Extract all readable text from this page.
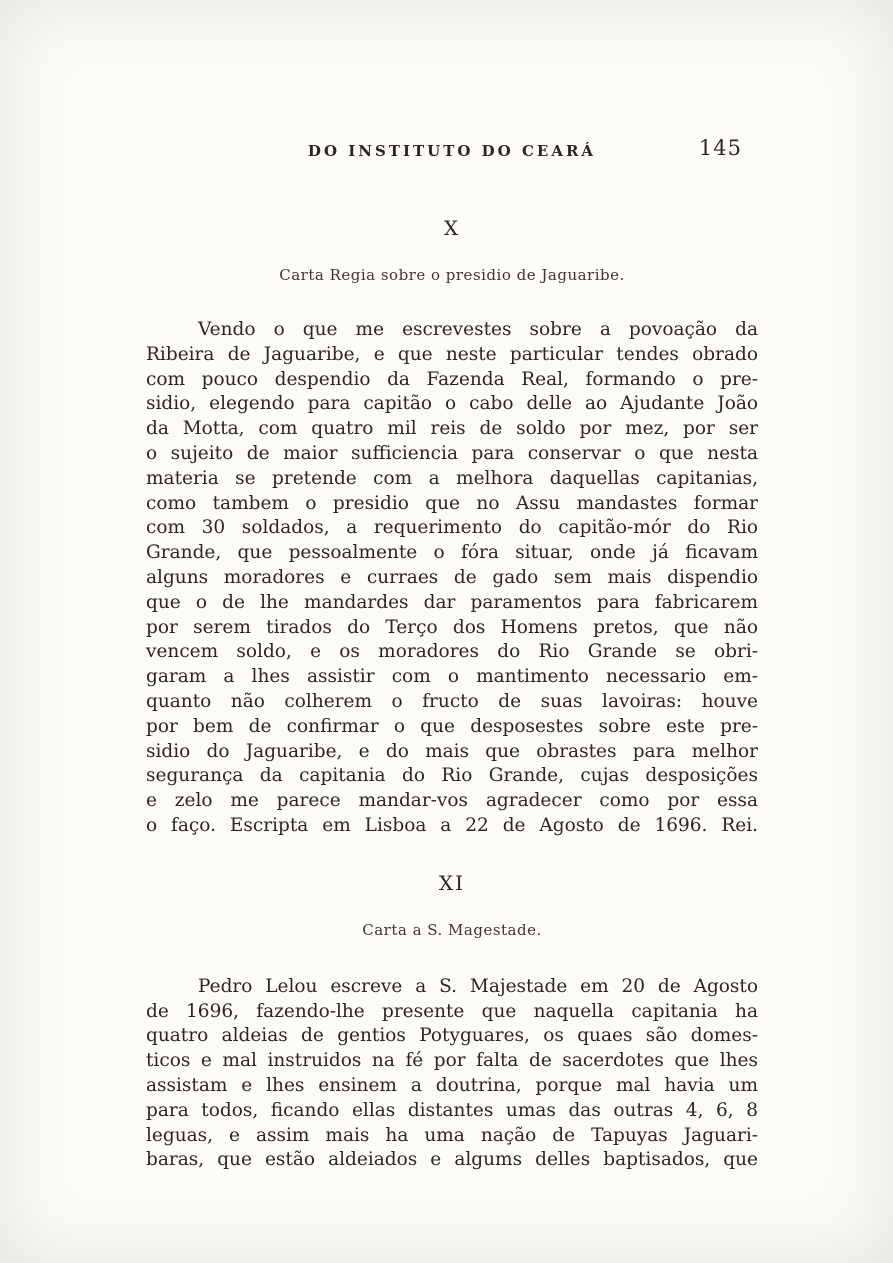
DO INSTITUTO DO CEARÁ	145
X
Carta Regia sobre o presidio de Jaguaribe.
Vendo o que me escrevestes sobre a povoação da
Ribeira de Jaguaribe, e que neste particular tendes obrado
com pouco despendio da Fazenda Real, formando o pre-
sidio, elegendo para capitão o cabo delle ao Ajudante João
da Motta, com quatro mil reis de soldo por mez, por ser
o sujeito de maior sufficiencia para conservar o que nesta
materia se pretende com a melhora daquellas capitanias,
como tambem o presidio que no Assu mandastes formar
com 30 soldados, a requerimento do capitão-mór do Rio
Grande, que pessoalmente o fóra situar, onde já ficavam
alguns moradores e curraes de gado sem mais dispendio
que o de lhe mandardes dar paramentos para fabricarem
por serem tirados do Terço dos Homens pretos, que não
vencem soldo, e os moradores do Rio Grande se obri-
garam a lhes assistir com o mantimento necessario em-
quanto não colherem o fructo de suas lavoiras: houve
por bem de confirmar o que desposestes sobre este pre-
sidio do Jaguaribe, e do mais que obrastes para melhor
segurança da capitania do Rio Grande, cujas desposições
e zelo me parece mandar-vos agradecer como por essa
o faço. Escripta em Lisboa a 22 de Agosto de 1696. Rei.
XI
Carta a S. Magestade.
Pedro Lelou escreve a S. Majestade em 20 de Agosto
de 1696, fazendo-lhe presente que naquella capitania ha
quatro aldeias de gentios Potyguares, os quaes são domes-
ticos e mal instruidos na fé por falta de sacerdotes que lhes
assistam e lhes ensinem a doutrina, porque mal havia um
para todos, ficando ellas distantes umas das outras 4, 6, 8
leguas, e assim mais ha uma nação de Tapuyas Jaguari-
baras, que estão aldeiados e algums delles baptisados, que
